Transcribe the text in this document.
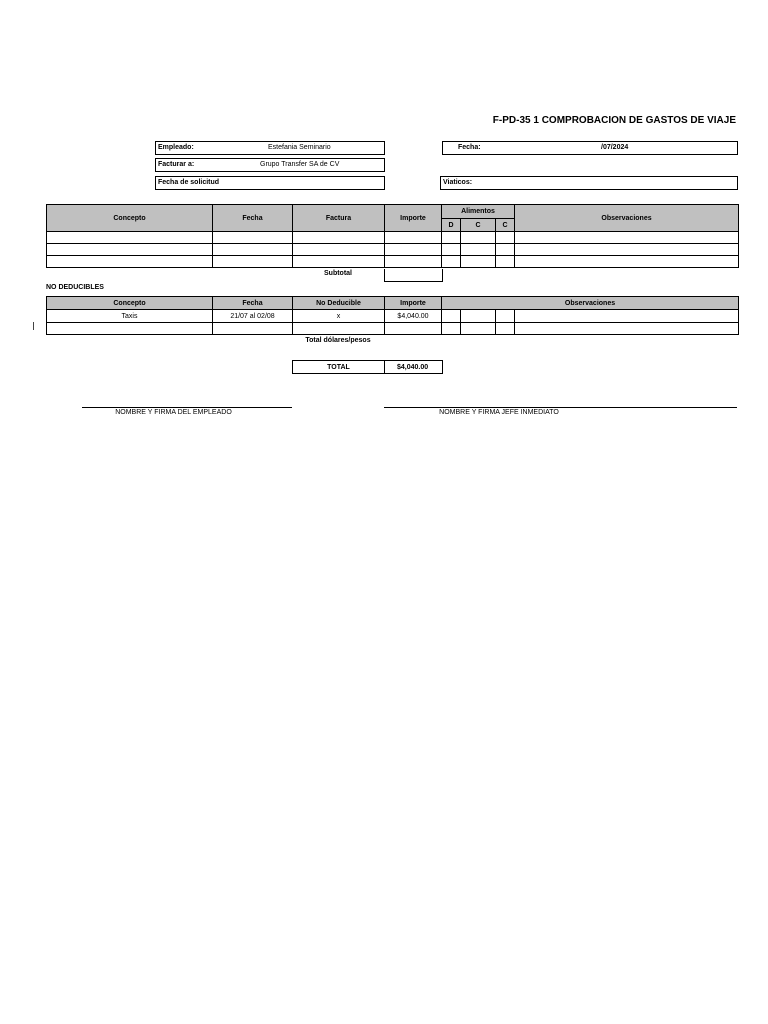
F-PD-35 1 COMPROBACION DE GASTOS DE VIAJE
Empleado:	Estefania Seminario
Facturar a:	Grupo Transfer SA de CV
Fecha de solicitud
Fecha:	/07/2024
Viaticos:
Concepto	Fecha	Factura	Importe	Alimentos			Observaciones
				D	C	C	

Subtotal
NO DEDUCIBLES
Concepto	Fecha	No Deducible	Importe	Observaciones			
Taxis	21/07 al 02/08	x	$4,040.00				

Total dólares/pesos
TOTAL	$4,040.00
NOMBRE Y FIRMA DEL EMPLEADO	NOMBRE Y FIRMA JEFE INMEDIATO
